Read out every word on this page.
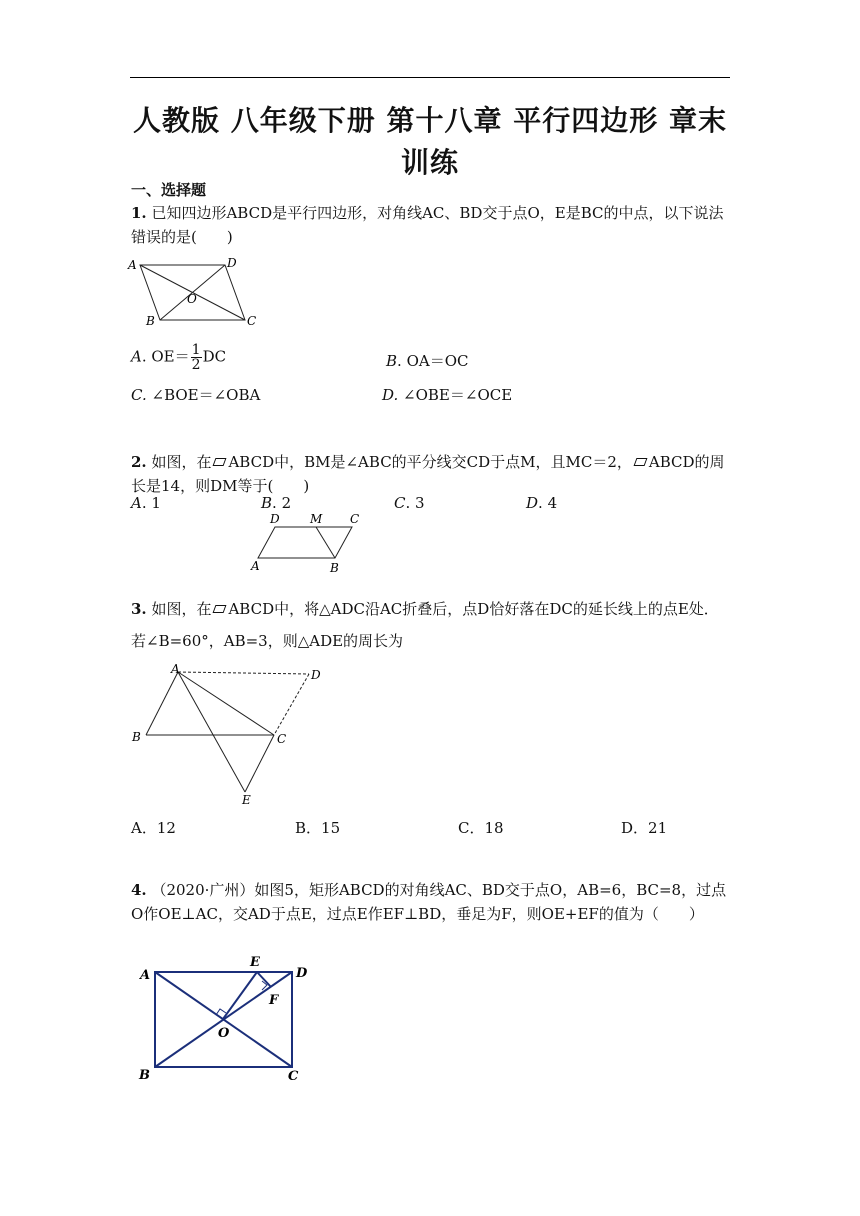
人教版 八年级下册 第十八章 平行四边形 章末训练
一、选择题
1. 已知四边形ABCD是平行四边形，对角线AC、BD交于点O，E是BC的中点，以下说法错误的是(　　)
A	D
O
B	C
A. $OE= \frac{1}{2}$ DC	B. OA＝OC
C. ∠BOE＝∠OBA	D. ∠OBE＝∠OCE
2. 如图，在 ABCD中，BM是∠ABC的平分线交CD于点M，且MC＝2， ABCD的周长是14，则DM等于(　　)
A. 1	B. 2	C. 3	D. 4
D	M C
A	B
3. 如图，在 ABCD中，将△ADC沿AC折叠后，点D恰好落在DC的延长线上的点E处．若∠B=60°，AB=3，则△ADE的周长为
A	D
B	C
E
A．12	B．15	C．18	D．21
4. （2020·广州）如图5，矩形ABCD的对角线AC、BD交于点O，AB=6，BC=8，过点O作OE⊥AC，交AD于点E，过点E作EF⊥BD，垂足为F，则OE+EF的值为（　　）
A
E
D
F
O
B	C
